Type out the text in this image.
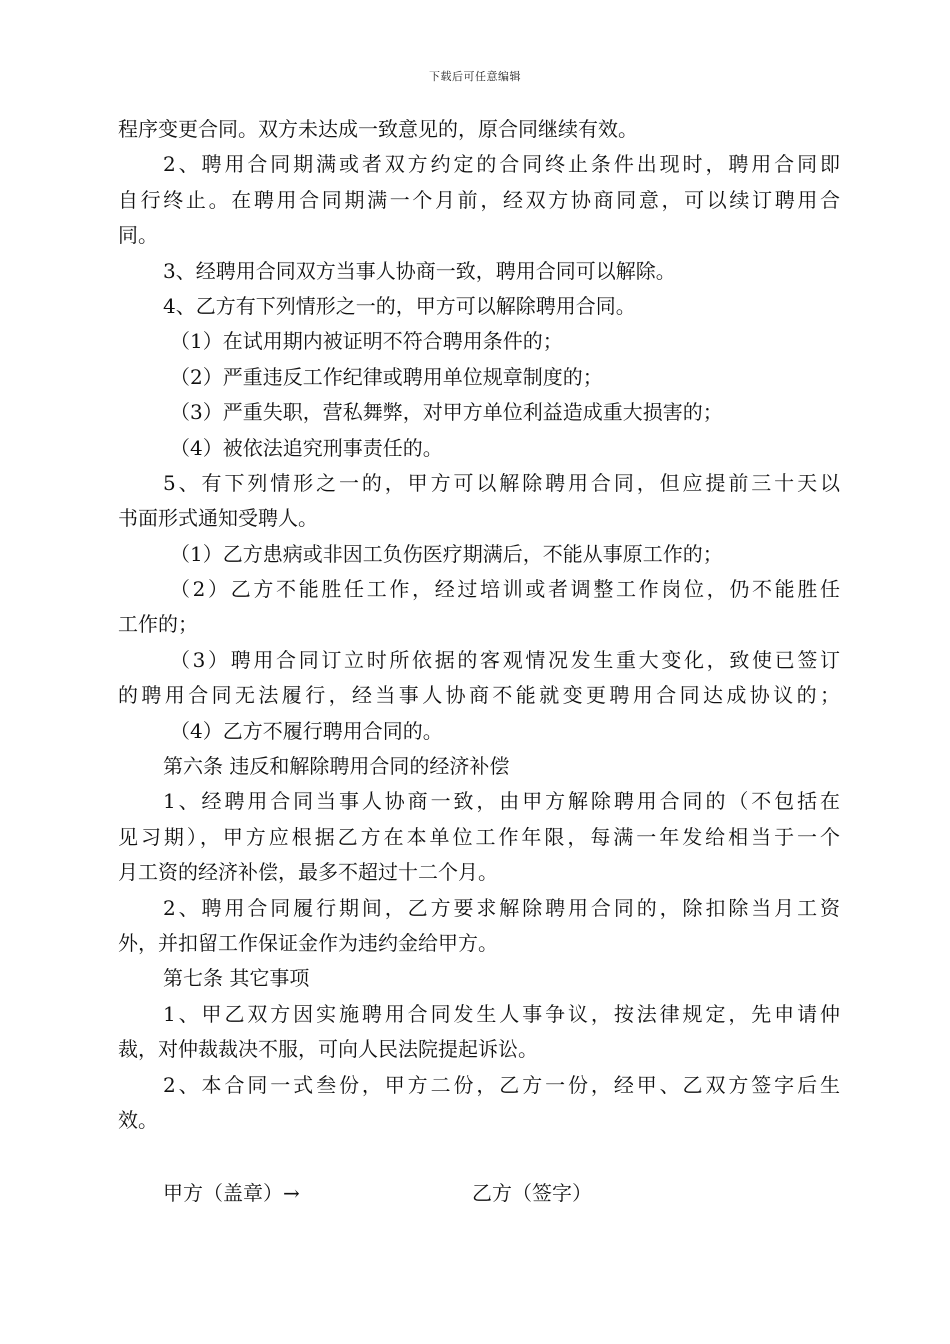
下载后可任意编辑
程序变更合同。双方未达成一致意见的，原合同继续有效。
2、聘用合同期满或者双方约定的合同终止条件出现时，聘用合同即
自行终止。在聘用合同期满一个月前，经双方协商同意，可以续订聘用合
同。
3、经聘用合同双方当事人协商一致，聘用合同可以解除。
4、乙方有下列情形之一的，甲方可以解除聘用合同。
（1）在试用期内被证明不符合聘用条件的；
（2）严重违反工作纪律或聘用单位规章制度的；
（3）严重失职，营私舞弊，对甲方单位利益造成重大损害的；
（4）被依法追究刑事责任的。
5、有下列情形之一的，甲方可以解除聘用合同，但应提前三十天以
书面形式通知受聘人。
（1）乙方患病或非因工负伤医疗期满后，不能从事原工作的；
（2）乙方不能胜任工作，经过培训或者调整工作岗位，仍不能胜任
工作的；
（3）聘用合同订立时所依据的客观情况发生重大变化，致使已签订
的聘用合同无法履行，经当事人协商不能就变更聘用合同达成协议的；
（4）乙方不履行聘用合同的。
第六条 违反和解除聘用合同的经济补偿
1、经聘用合同当事人协商一致，由甲方解除聘用合同的（不包括在
见习期），甲方应根据乙方在本单位工作年限，每满一年发给相当于一个
月工资的经济补偿，最多不超过十二个月。
2、聘用合同履行期间，乙方要求解除聘用合同的，除扣除当月工资
外，并扣留工作保证金作为违约金给甲方。
第七条 其它事项
1、甲乙双方因实施聘用合同发生人事争议，按法律规定，先申请仲
裁，对仲裁裁决不服，可向人民法院提起诉讼。
2、本合同一式叁份，甲方二份，乙方一份，经甲、乙双方签字后生
效。
甲方（盖章）→	乙方（签字）
